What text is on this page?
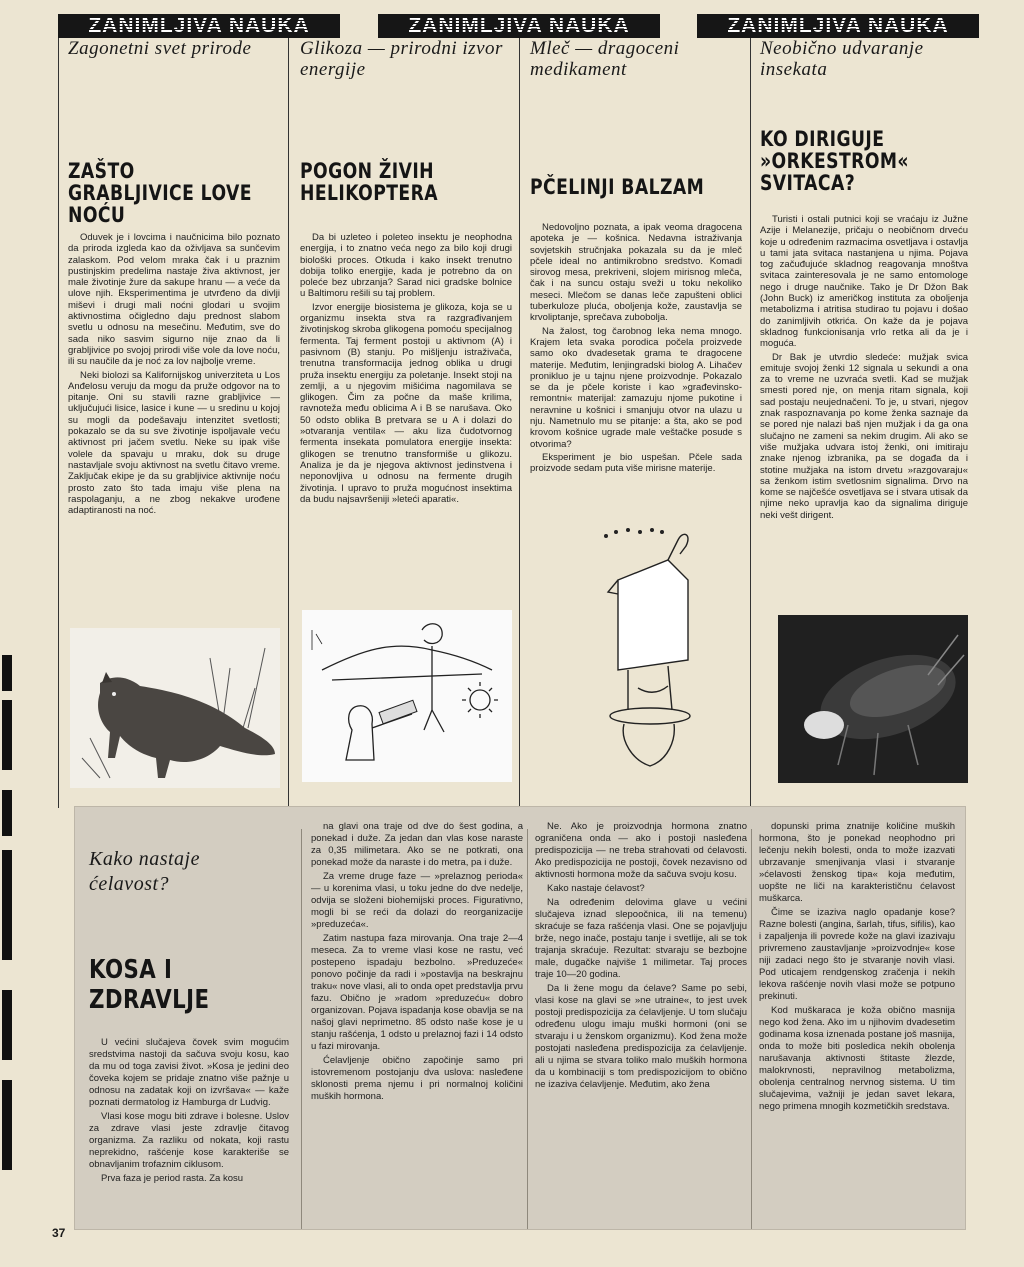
ZANIMLJIVA NAUKA	ZANIMLJIVA NAUKA	ZANIMLJIVA NAUKA
Zagonetni svet prirode
ZAŠTO GRABLJIVICE LOVE NOĆU

Oduvek je i lovcima i naučnicima bilo poznato da priroda izgleda kao da oživljava sa sunčevim zalaskom. Pod velom mraka čak i u praznim pustinjskim predelima nastaje živa aktivnost, jer male životinje žure da sakupe hranu — a veće da ulove njih. Eksperimentima je utvrđeno da divlji miševi i drugi mali noćni glodari u svojim aktivnostima očigledno daju prednost slabom svetlu u odnosu na mesečinu. Međutim, sve do sada niko sasvim sigurno nije znao da li grabljivice po svojoj prirodi više vole da love noću, ili su naučile da je noć za lov najbolje vreme.

Neki biolozi sa Kalifornijskog univerziteta u Los Anđelosu veruju da mogu da pruže odgovor na to pitanje. Oni su stavili razne grabljivice — uključujući lisice, lasice i kune — u sredinu u kojoj su mogli da podešavaju intenzitet svetlosti; pokazalo se da su sve životinje ispoljavale veću aktivnost pri jačem svetlu. Neke su ipak više volele da spavaju u mraku, dok su druge nastavljale svoju aktivnost na svetlu čitavo vreme. Zaključak ekipe je da su grabljivice aktivnije noću prosto zato što tada imaju više plena na raspolaganju, a ne zbog nekakve urođene adaptiranosti na noć.

Glikoza — prirodni izvor energije
POGON ŽIVIH HELIKOPTERA

Da bi uzleteo i poleteo insektu je neophodna energija, i to znatno veća nego za bilo koji drugi biološki proces. Otkuda i kako insekt trenutno dobija toliko energije, kada je potrebno da on poleće bez ubrzanja? Sarad nici gradske bolnice u Baltimoru rešili su taj problem.

Izvor energije biosistema je glikoza, koja se u organizmu insekta stva ra razgrađivanjem životinjskog skroba glikogena pomoću specijalnog fermenta. Taj ferment postoji u aktivnom (A) i pasivnom (B) stanju. Po mišljenju istraživača, trenutna transformacija jednog oblika u drugi pruža insektu energiju za poletanje. Insekt stoji na zemlji, a u njegovim mišićima nagomilava se glikogen. Čim za počne da maše krilima, ravnoteža među oblicima A i B se narušava. Oko 50 odsto oblika B pretvara se u A i dolazi do »otvaranja ventila« — aku liza čudotvornog fermenta insekata pomulatora energije insekta: glikogen se trenutno transformiše u glikozu. Analiza je da je njegova aktivnost jedinstvena i neponovljiva u odnosu na fermente drugih životinja. I upravo to pruža mogućnost insektima da budu najsavršeniji »leteći aparati«.

Mleč — dragoceni medikament
PČELINJI BALZAM

Nedovoljno poznata, a ipak veoma dragocena apoteka je — košnica. Nedavna istraživanja sovjetskih stručnjaka pokazala su da je mleč pčele ideal no antimikrobno sredstvo. Komadi sirovog mesa, prekriveni, slojem mirisnog mleča, čak i na suncu ostaju sveži u toku nekoliko meseci. Mlečom se danas leče zapušteni oblici tuberkuloze pluća, obolјenja kože, zaustavlja se krvoliptanje, sprečava zubobolja.

Na žalost, tog čarobnog leka nema mnogo. Krajem leta svaka porodica počela proizvede samo oko dvadesetak grama te dragocene materije. Međutim, lenjingradski biolog A. Lihačev pronikluo je u tajnu njene proizvodnje. Pokazalo se da je pčele koriste i kao »građevinsko-remontni« materijal: zamazuju njome pukotine i neravnine u košnici i smanjuju otvor na ulazu u nju. Nametnulo mu se pitanje: a šta, ako se pod krovom košnice ugrade male veštačke posude s otvorima?

Eksperiment je bio uspešan. Pčele sada proizvode sedam puta više mirisne materije.

Neobično udvaranje insekata
KO DIRIGUJE »ORKESTROM« SVITACA?

Turisti i ostali putnici koji se vraćaju iz Južne Azije i Melanezije, pričaju o neobičnom drveću koje u određenim razmacima osvetljava i ostavlja u tami jata svitaca nastanjena u njima. Pojava tog začuđujuće skladnog reagovanja mnoštva svitaca zainteresovala je ne samo entomologe nego i druge naučnike. Tako je Dr Džon Bak (John Buck) iz američkog instituta za obolјenja metabolizma i atritisa studirao tu pojavu i došao do zanimljivih otkrića. On kaže da je pojava skladnog funkcionisanja vrlo retka ali da je i moguća.

Dr Bak je utvrdio sledeće: mužjak svica emituje svojoj ženki 12 signala u sekundi a ona za to vreme ne uzvraća svetli. Kad se mužjak smesti pored nje, on menja ritam signala, koji sad postaju neujednačeni. To je, u stvari, njegov znak raspoznavanja po kome ženka saznaje da se pored nje nalazi baš njen mužjak i da ga ona slučajno ne zameni sa nekim drugim. Ali ako se više mužjaka udvara istoj ženki, oni imitiraju znake njenog izbranika, pa se događa da i stotine mužjaka na istom drvetu »razgovaraju« sa ženkom istim svetlosnim signalima. Drvo na kome se najčešće osvetljava se i stvara utisak da njime neko upravlja kao da signalima diriguje neki vešt dirigent.

Kako nastaje ćelavost?
KOSA I ZDRAVLJE

U većini slučajeva čovek svim mogućim sredstvima nastoji da sačuva svoju kosu, kao da mu od toga zavisi život. »Kosa je jedini deo čoveka kojem se pridaje znatno više pažnje u odnosu na zadatak koji on izvršava« — kaže poznati dermatolog iz Hamburga dr Ludvig.

Vlasi kose mogu biti zdrave i bolesne. Uslov za zdrave vlasi jeste zdravlje čitavog organizma. Za razliku od nokata, koji rastu neprekidno, rašćenje kose karakteriše se obnavljanim trofaznim ciklusom.

Prva faza je period rasta. Za kosu

na glavi ona traje od dve do šest godina, a ponekad i duže. Za jedan dan vlas kose naraste za 0,35 milimetara. Ako se ne potkrati, ona ponekad može da naraste i do metra, pa i duže.

Za vreme druge faze — »prelaznog perioda« — u korenima vlasi, u toku jedne do dve nedelje, odvija se složeni biohemijski proces. Figurativno, mogli bi se reći da dolazi do reorganizacije »preduzeća«.

Zatim nastupa faza mirovanja. Ona traje 2—4 meseca. Za to vreme vlasi kose ne rastu, već postepeno ispadaju bezbolno. »Preduzeće« ponovo počinje da radi i »postavlja na beskrajnu traku« nove vlasi, ali to onda opet predstavlja prvu fazu. Obično je »radom »preduzeću« dobro organizovan. Pojava ispadanja kose obavlja se na našoj glavi neprimetno. 85 odsto naše kose je u stanju rašćenja, 1 odsto u prelaznoj fazi i 14 odsto u fazi mirovanja.

Ćelavljenje obično započinje samo pri istovremenom postojanju dva uslova: naslеđene sklonosti prema njemu i pri normalnoj količini muških hormona.

Ne. Ako je proizvodnja hormona znatno ograničena onda — ako i postoji nasleđena predispozicija — ne treba strahovati od ćelavosti. Ako predispozicija ne postoji, čovek nezavisno od aktivnosti hormona može da sačuva svoju kosu.

Kako nastaje ćelavost?

Na određenim delovima glave u većini slučajeva iznad slepoočnica, ili na temenu) skraćuje se faza rašćenja vlasi. One se pojavljuju brže, nego inače, postaju tanje i svetlije, ali se tok trajanja skraćuje. Rezultat: stvaraju se bezbojne male, dugačke najviše 1 milimetar. Taj proces traje 10—20 godina.

Da li žene mogu da ćelave? Same po sebi, vlasi kose na glavi se »ne utraine«, to jest uvek postoji predispozicija za ćelavljenje. U tom slučaju određenu ulogu imaju muški hormoni (oni se stvaraju i u ženskom organizmu). Kod žena može postojati nasleđena predispozicija za ćelavljenje. ali u njima se stvara toliko malo muških hormona da u kombinaciji s tom predispozicijom to obično ne izaziva ćelavljenje. Međutim, ako žena

dopunski prima znatnije količine muških hormona, što je ponekad neophodno pri lečenju nekih bolesti, onda to može izazvati ubrzavanje smenjivanja vlasi i stvaranje »ćelavosti ženskog tipa« koja međutim, uopšte ne liči na karakterističnu ćelavost muškarca.

Čime se izaziva naglo opadanje kose? Razne bolesti (angina, šarlah, tifus, sifilis), kao i zapaljenja ili povrede kože na glavi izazivaju privremeno zaustavljanje »proizvodnje« kose niji zadaci nego što je stvaranje novih vlasi. Pod uticajem rendgenskog zračenja i nekih lekova rašćenje novih vlasi može se potpuno prekinuti.

Kod muškaraca je koža obično masnija nego kod žena. Ako im u njihovim dvadesetim godinama kosa iznenada postane još masnija, onda to može biti posledica nekih obolenja narušavanja aktivnosti štitaste žlezde, malokrvnosti, nepravilnog metabolizma, obolenja centralnog nervnog sistema. U tim slučajevima, važniji je jedan savet lekara, nego primena mnogih kozmetičkih sredstava.

37
